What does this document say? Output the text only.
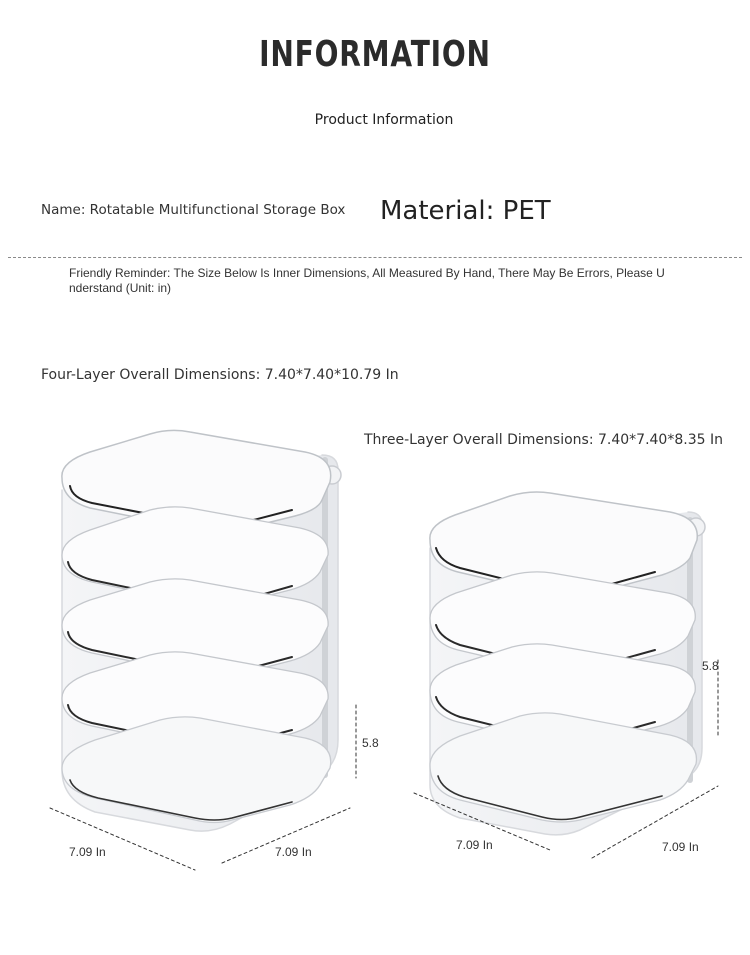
INFORMATION
Product Information
Name: Rotatable Multifunctional Storage Box Material: PET
Friendly Reminder: The Size Below Is Inner Dimensions, All Measured By Hand, There May Be Errors, Please Understand (Unit: in)
Four-Layer Overall Dimensions: 7.40*7.40*10.79 In
Three-Layer Overall Dimensions: 7.40*7.40*8.35 In
7.09 In	7.09 In
5.8
7.09 In	7.09 In
5.8
